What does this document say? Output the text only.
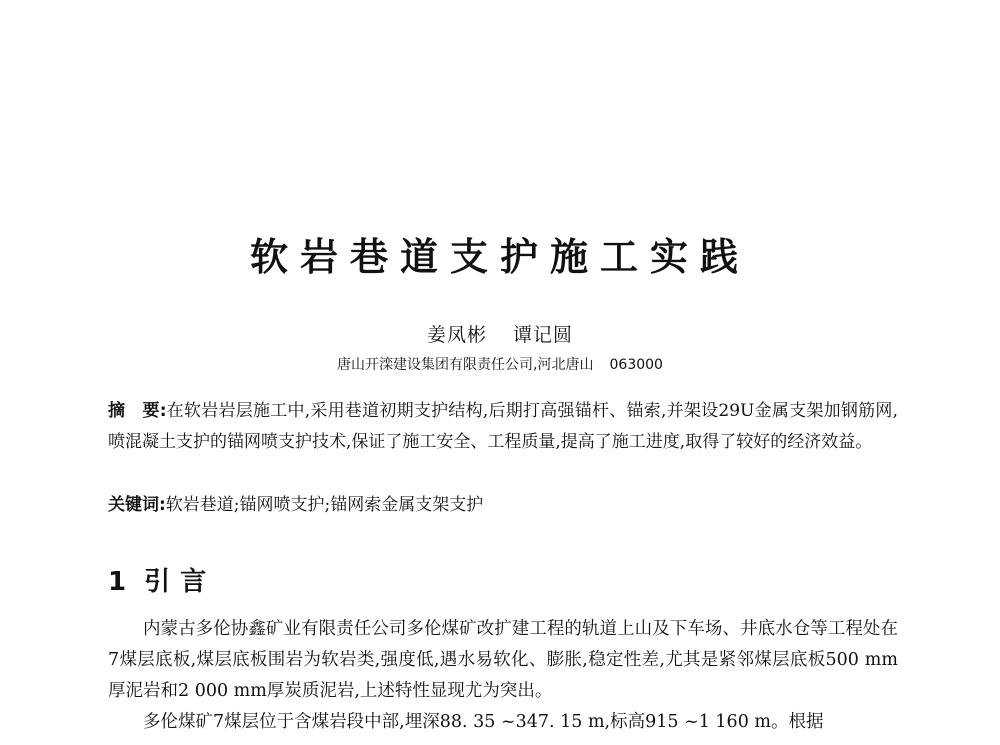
软岩巷道支护施工实践
姜凤彬 谭记圆
唐山开滦建设集团有限责任公司,河北唐山 063000

摘　要:在软岩岩层施工中,采用巷道初期支护结构,后期打高强锚杆、锚索,并架设29U金属支架加钢筋网,喷混凝土支护的锚网喷支护技术,保证了施工安全、工程质量,提高了施工进度,取得了较好的经济效益。

关键词:软岩巷道;锚网喷支护;锚网索金属支架支护

1 引言

内蒙古多伦协鑫矿业有限责任公司多伦煤矿改扩建工程的轨道上山及下车场、井底水仓等工程处在7煤层底板,煤层底板围岩为软岩类,强度低,遇水易软化、膨胀,稳定性差,尤其是紧邻煤层底板500 mm厚泥岩和2 000 mm厚炭质泥岩,上述特性显现尤为突出。

多伦煤矿7煤层位于含煤岩段中部,埋深88. 35 ~347. 15 m,标高915 ~1 160 m。根据
